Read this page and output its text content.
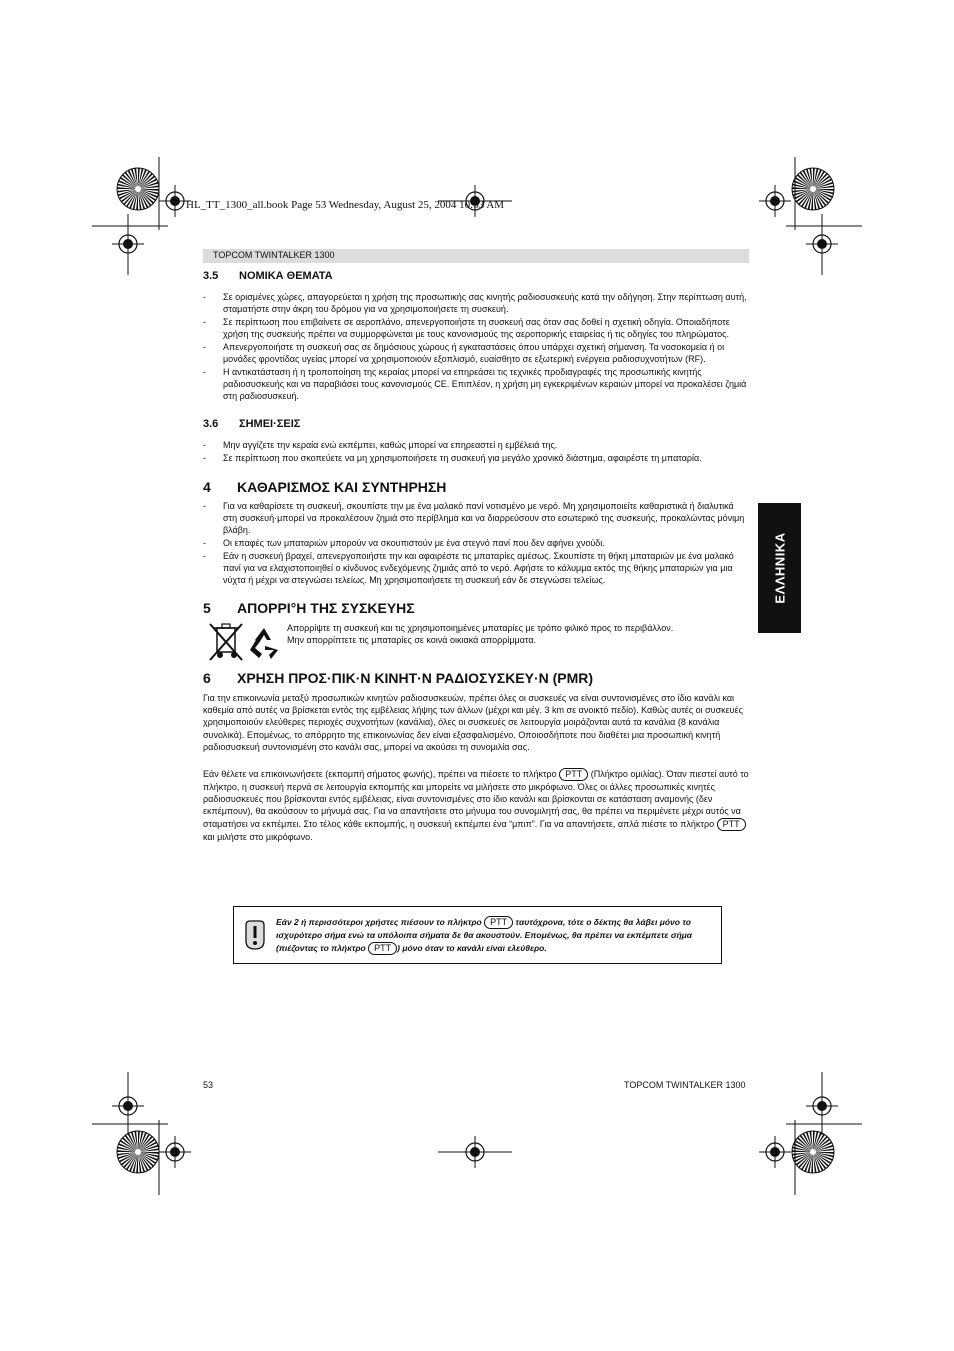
HL_TT_1300_all.book Page 53 Wednesday, August 25, 2004 10:53 AM
TOPCOM TWINTALKER 1300
3.5 ΝΟΜΙΚΑ ΘΕΜΑΤΑ
- Σε ορισμένες χώρες, απαγορεύεται η χρήση της προσωπικής σας κινητής ραδιοσυσκευής κατά την οδήγηση. Στην περίπτωση αυτή, σταματήστε στην άκρη του δρόμου για να χρησιμοποιήσετε τη συσκευή.
- Σε περίπτωση που επιβαίνετε σε αεροπλάνο, απενεργοποιήστε τη συσκευή σας όταν σας δοθεί η σχετική οδηγία. Οποιαδήποτε χρήση της συσκευής πρέπει να συμμορφώνεται με τους κανονισμούς της αεροπορικής εταιρείας ή τις οδηγίες του πληρώματος.
- Απενεργοποιήστε τη συσκευή σας σε δημόσιους χώρους ή εγκαταστάσεις όπου υπάρχει σχετική σήμανση. Τα νοσοκομεία ή οι μονάδες φροντίδας υγείας μπορεί να χρησιμοποιούν εξοπλισμό, ευαίσθητο σε εξωτερική ενέργεια ραδιοσυχνοτήτων (RF).
- Η αντικατάσταση ή η τροποποίηση της κεραίας μπορεί να επηρεάσει τις τεχνικές προδιαγραφές της προσωπικής κινητής ραδιοσυσκευής και να παραβιάσει τους κανονισμούς CE. Επιπλέον, η χρήση μη εγκεκριμένων κεραιών μπορεί να προκαλέσει ζημιά στη ραδιοσυσκευή.
3.6 ΣΗΜΕΙ·ΣΕΙΣ
- Μην αγγίζετε την κεραία ενώ εκπέμπει, καθώς μπορεί να επηρεαστεί η εμβέλειά της.
- Σε περίπτωση που σκοπεύετε να μη χρησιμοποιήσετε τη συσκευή για μεγάλο χρονικό διάστημα, αφαιρέστε τη μπαταρία.
4 ΚΑΘΑΡΙΣΜΟΣ ΚΑΙ ΣΥΝΤΗΡΗΣΗ
- Για να καθαρίσετε τη συσκευή, σκουπίστε την με ένα μαλακό πανί νοτισμένο με νερό. Μη χρησιμοποιείτε καθαριστικά ή διαλυτικά στη συσκευή·μπορεί να προκαλέσουν ζημιά στο περίβλημα και να διαρρεύσουν στο εσωτερικό της συσκευής, προκαλώντας μόνιμη βλάβη.
- Οι επαφές των μπαταριών μπορούν να σκουπιστούν με ένα στεγνό πανί που δεν αφήνει χνούδι.
- Εάν η συσκευή βραχεί, απενεργοποιήστε την και αφαιρέστε τις μπαταρίες αμέσως. Σκουπίστε τη θήκη μπαταριών με ένα μαλακό πανί για να ελαχιστοποιηθεί ο κίνδυνος ενδεχόμενης ζημιάς από το νερό. Αφήστε το κάλυμμα εκτός της θήκης μπαταριών για μια νύχτα ή μέχρι να στεγνώσει τελείως. Μη χρησιμοποιήσετε τη συσκευή εάν δε στεγνώσει τελείως.	ΕΛΛΗΝΙΚΑ
5 ΑΠΟΡΡΙ°Η ΤΗΣ ΣΥΣΚΕΥΗΣ
Απορρίψτε τη συσκευή και τις χρησιμοποιημένες μπαταρίες με τρόπο φιλικό προς το περιβάλλον.
Μην απορρίπτετε τις μπαταρίες σε κοινά οικιακά απορρίμματα.
6 ΧΡΗΣΗ ΠΡΟΣ·ΠΙΚ·Ν ΚΙΝΗΤ·Ν ΡΑΔΙΟΣΥΣΚΕΥ·Ν (PMR)
Για την επικοινωνία μεταξύ προσωπικών κινητών ραδιοσυσκευών, πρέπει όλες οι συσκευές να είναι συντονισμένες στο ίδιο κανάλι και καθεμία από αυτές να βρίσκεται εντός της εμβέλειας λήψης των άλλων (μέχρι και μέγ. 3 km σε ανοικτό πεδίο). Καθώς αυτές οι συσκευές χρησιμοποιούν ελεύθερες περιοχές συχνοτήτων (κανάλια), όλες οι συσκευές σε λειτουργία μοιράζονται αυτά τα κανάλια (8 κανάλια συνολικά). Επομένως, το απόρρητο της επικοινωνίας δεν είναι εξασφαλισμένο. Οποιοσδήποτε που διαθέτει μια προσωπική κινητή ραδιοσυσκευή συντονισμένη στο κανάλι σας, μπορεί να ακούσει τη συνομιλία σας.
Εάν θέλετε να επικοινωνήσετε (εκπομπή σήματος φωνής), πρέπει να πιέσετε το πλήκτρο PTT (Πλήκτρο ομιλίας). Όταν πιεστεί αυτό το πλήκτρο, η συσκευή περνά σε λειτουργία εκπομπής και μπορείτε να μιλήσετε στο μικρόφωνο. Όλες οι άλλες προσωπικές κινητές ραδιοσυσκευές που βρίσκονται εντός εμβέλειας, είναι συντονισμένες στο ίδιο κανάλι και βρίσκονται σε κατάσταση αναμονής (δεν εκπέμπουν), θα ακούσουν το μήνυμά σας. Για να απαντήσετε στο μήνυμα του συνομιλητή σας, θα πρέπει να περιμένετε μέχρι αυτός να σταματήσει να εκπέμπει. Στο τέλος κάθε εκπομπής, η συσκευή εκπέμπει ένα “μπιπ”. Για να απαντήσετε, απλά πιέστε το πλήκτρο PTT και μιλήστε στο μικρόφωνο.
Εάν 2 ή περισσότεροι χρήστες πιέσουν το πλήκτρο PTT ταυτόχρονα, τότε ο δέκτης θα λάβει μόνο το ισχυρότερο σήμα ενώ τα υπόλοιπα σήματα δε θα ακουστούν. Επομένως, θα πρέπει να εκπέμπετε σήμα (πιέζοντας το πλήκτρο PTT ) μόνο όταν το κανάλι είναι ελεύθερο.
53	TOPCOM TWINTALKER 1300
